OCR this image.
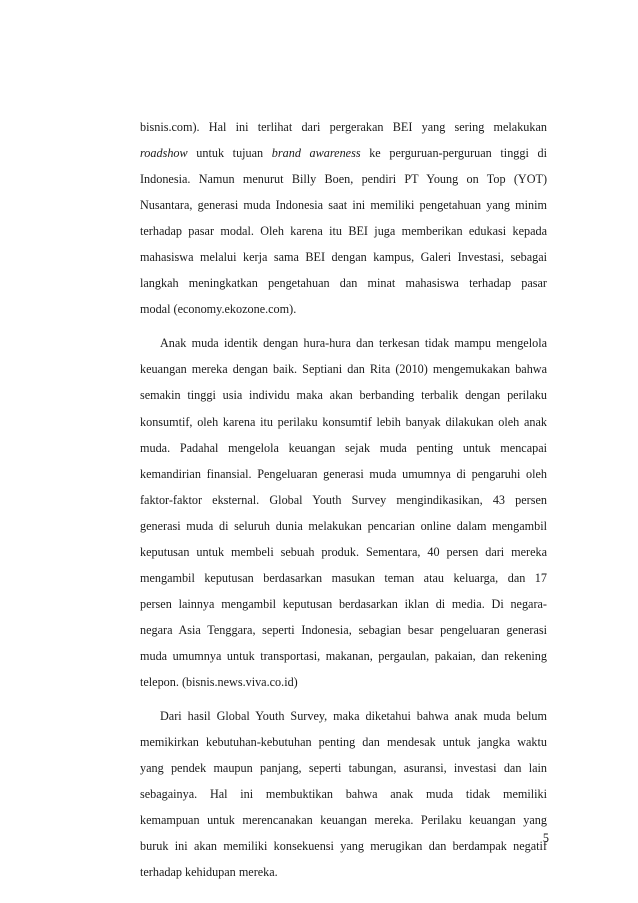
bisnis.com). Hal ini terlihat dari pergerakan BEI yang sering melakukan
roadshow untuk tujuan brand awareness ke perguruan-perguruan tinggi di
Indonesia. Namun menurut Billy Boen, pendiri PT Young on Top (YOT)
Nusantara, generasi muda Indonesia saat ini memiliki pengetahuan yang minim
terhadap pasar modal. Oleh karena itu BEI juga memberikan edukasi kepada
mahasiswa melalui kerja sama BEI dengan kampus, Galeri Investasi, sebagai
langkah meningkatkan pengetahuan dan minat mahasiswa terhadap pasar
modal (economy.ekozone.com).
Anak muda identik dengan hura-hura dan terkesan tidak mampu mengelola
keuangan mereka dengan baik. Septiani dan Rita (2010) mengemukakan bahwa
semakin tinggi usia individu maka akan berbanding terbalik dengan perilaku
konsumtif, oleh karena itu perilaku konsumtif lebih banyak dilakukan oleh anak
muda. Padahal mengelola keuangan sejak muda penting untuk mencapai
kemandirian finansial. Pengeluaran generasi muda umumnya di pengaruhi oleh
faktor-faktor eksternal. Global Youth Survey mengindikasikan, 43 persen
generasi muda di seluruh dunia melakukan pencarian online dalam mengambil
keputusan untuk membeli sebuah produk. Sementara, 40 persen dari mereka
mengambil keputusan berdasarkan masukan teman atau keluarga, dan 17
persen lainnya mengambil keputusan berdasarkan iklan di media. Di negara-
negara Asia Tenggara, seperti Indonesia, sebagian besar pengeluaran generasi
muda umumnya untuk transportasi, makanan, pergaulan, pakaian, dan rekening
telepon. (bisnis.news.viva.co.id)
Dari hasil Global Youth Survey, maka diketahui bahwa anak muda belum
memikirkan kebutuhan-kebutuhan penting dan mendesak untuk jangka waktu
yang pendek maupun panjang, seperti tabungan, asuransi, investasi dan lain
sebagainya. Hal ini membuktikan bahwa anak muda tidak memiliki
kemampuan untuk merencanakan keuangan mereka. Perilaku keuangan yang
buruk ini akan memiliki konsekuensi yang merugikan dan berdampak negatif
terhadap kehidupan mereka.
5
